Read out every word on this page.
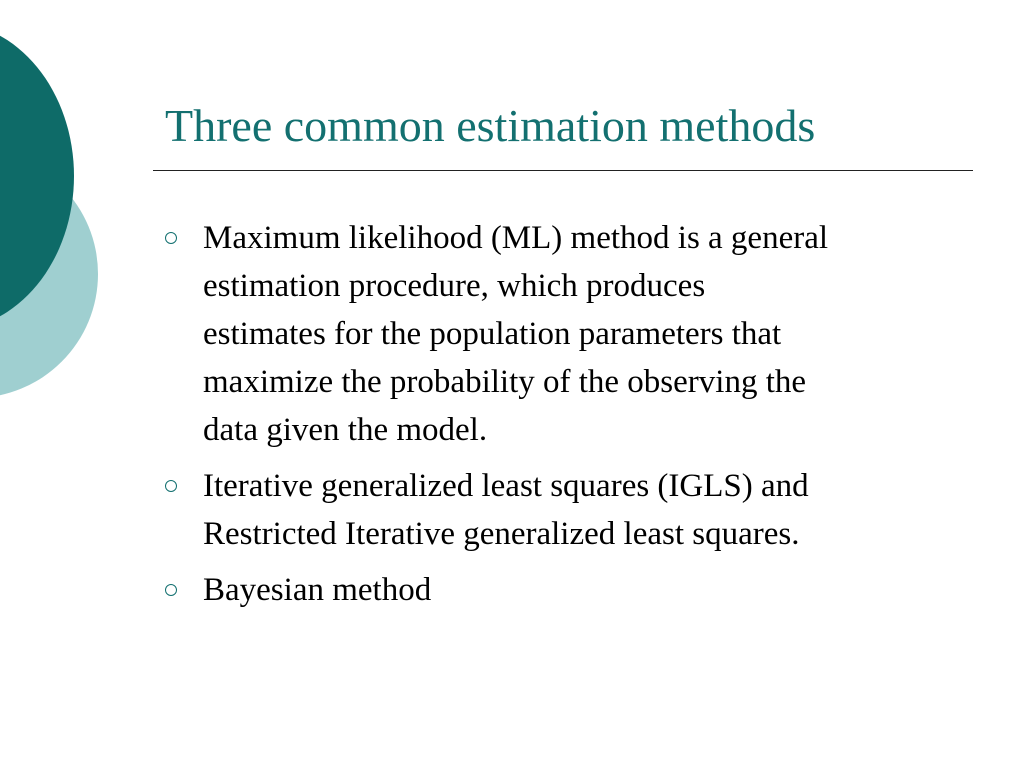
Three common estimation methods
Maximum likelihood (ML) method is a general
estimation procedure, which produces
estimates for the population parameters that
maximize the probability of the observing the
data given the model.
Iterative generalized least squares (IGLS) and
Restricted Iterative generalized least squares.
Bayesian method
